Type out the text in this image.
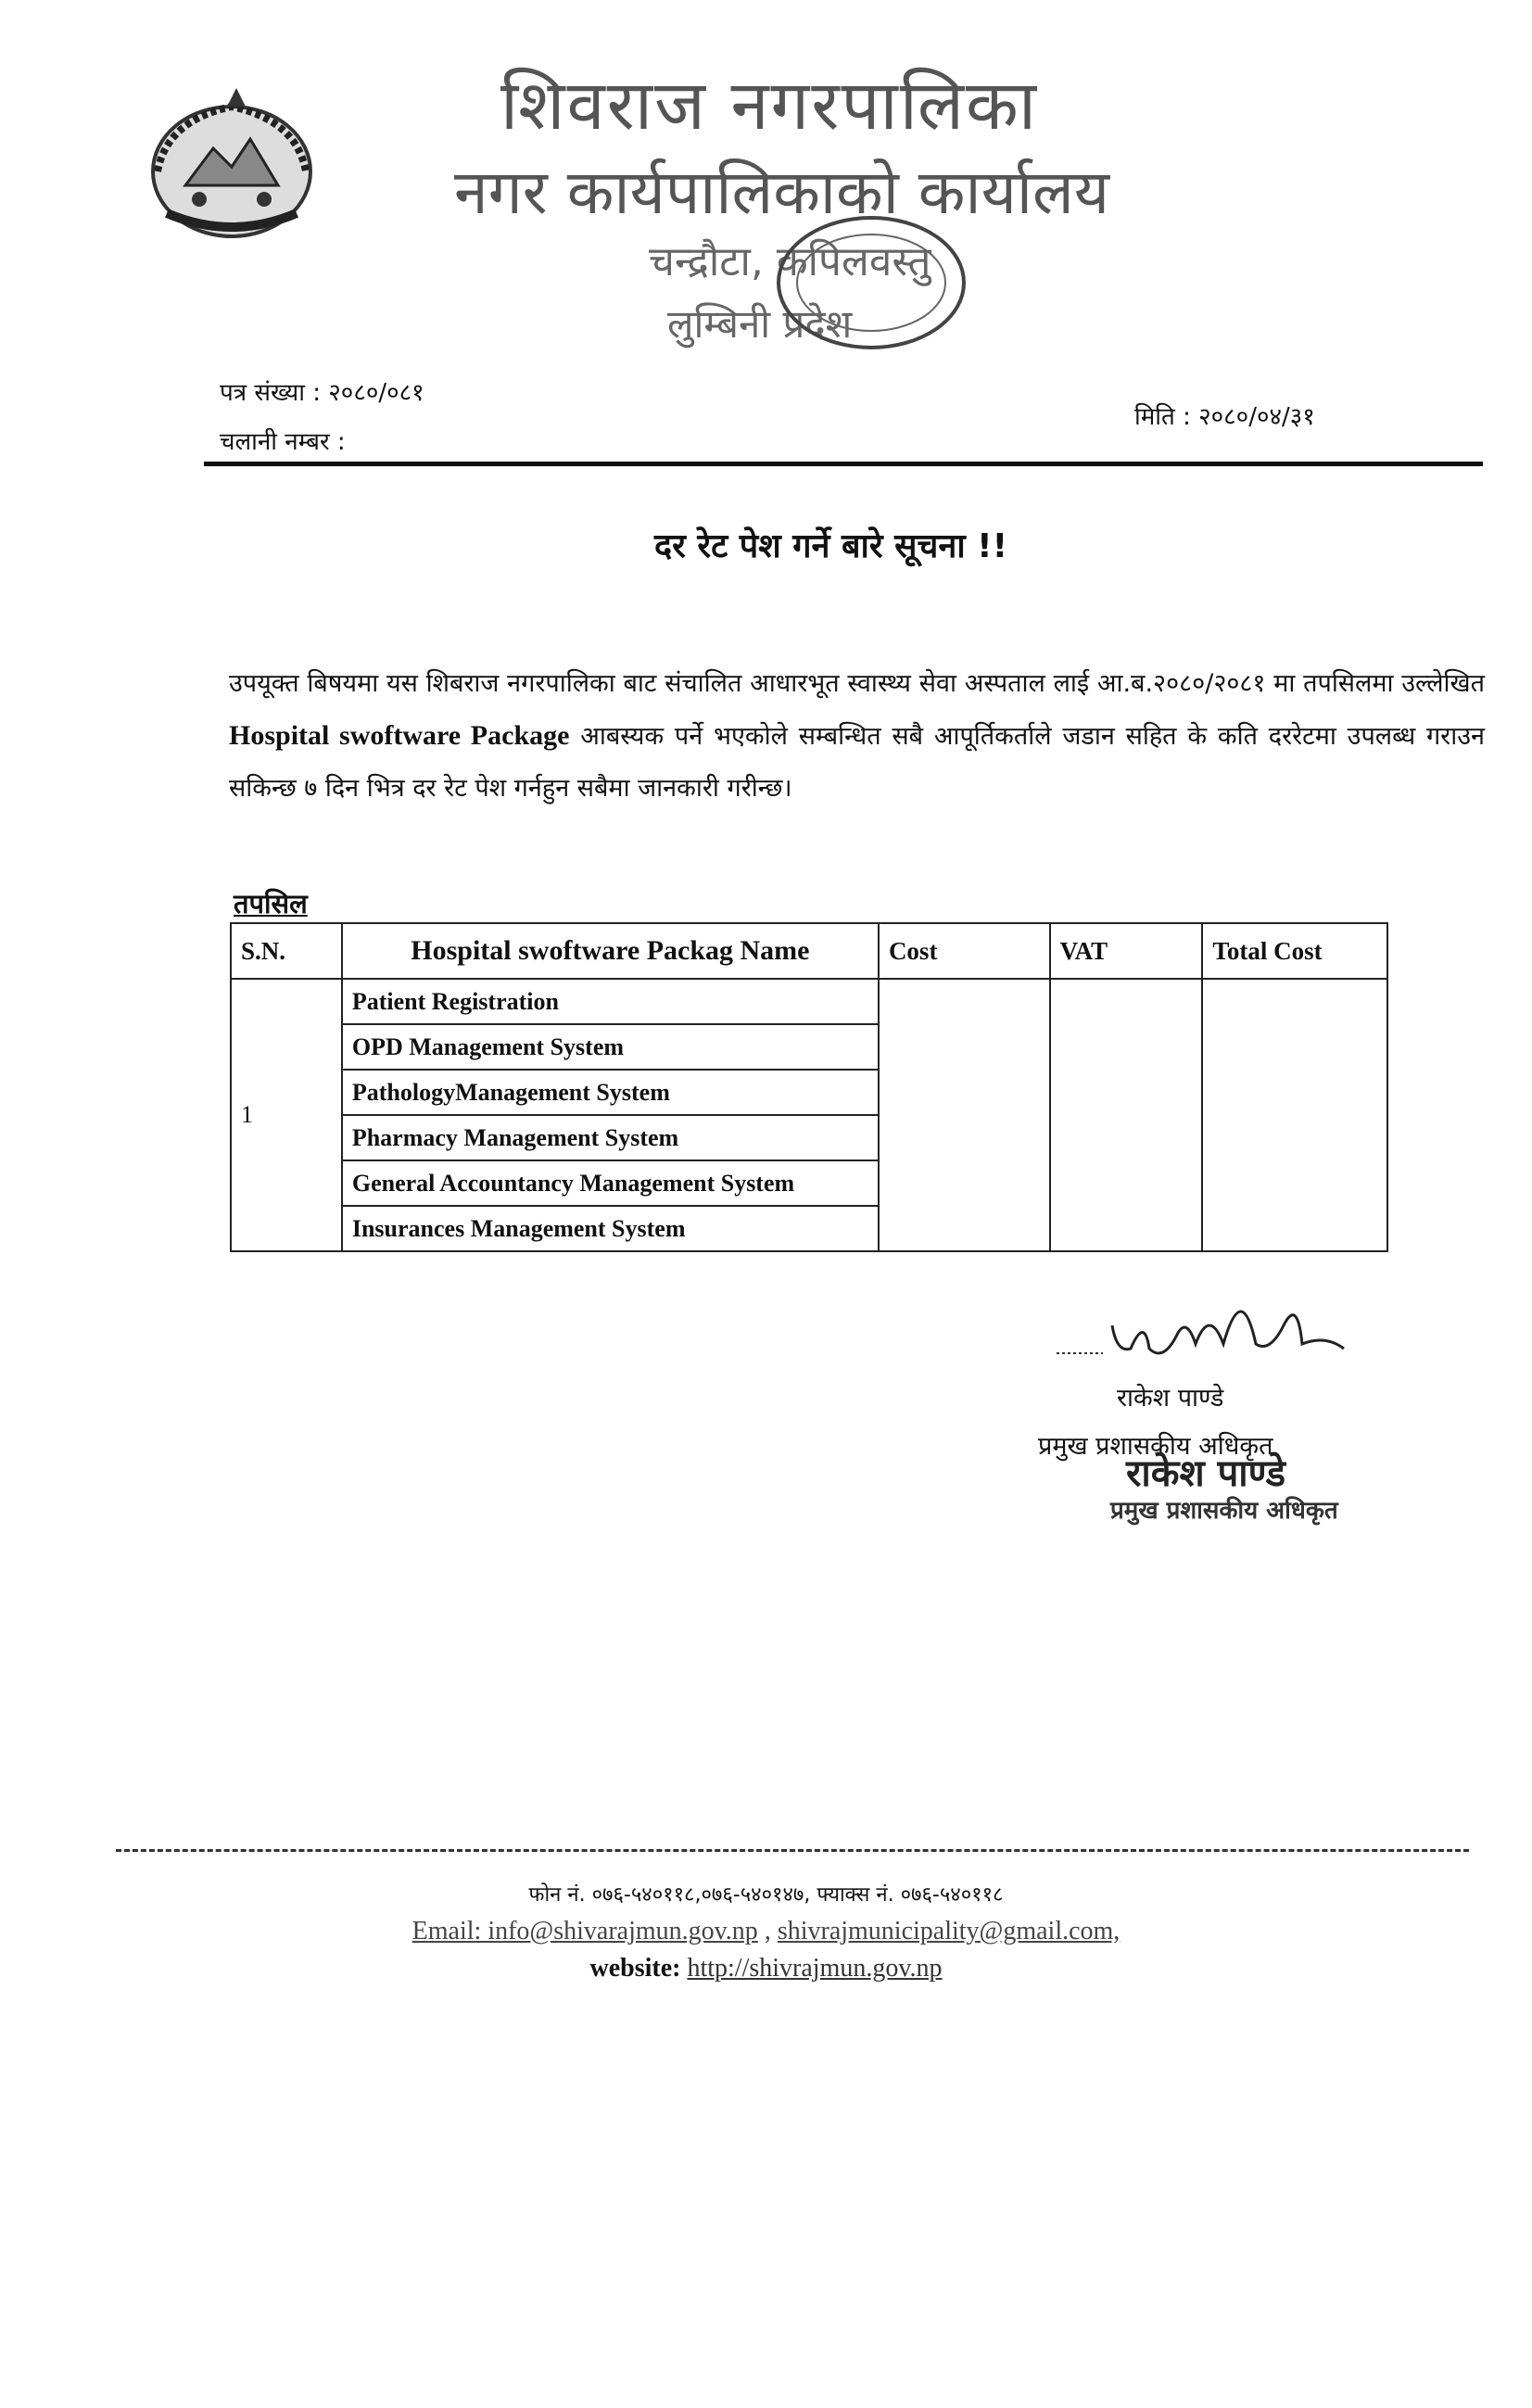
शिवराज नगरपालिका
नगर कार्यपालिकाको कार्यालय
चन्द्रौटा, कपिलवस्तु
लुम्बिनी प्रदेश
पत्र संख्या : २०८०/०८१
चलानी नम्बर :
मिति : २०८०/०४/३१
दर रेट पेश गर्ने बारे सूचना !!
उपयूक्त बिषयमा यस शिबराज नगरपालिका बाट संचालित आधारभूत स्वास्थ्य सेवा अस्पताल लाई आ.ब.२०८०/२०८१ मा तपसिलमा उल्लेखित Hospital swoftware Package आबस्यक पर्ने भएकोले सम्बन्धित सबै आपूर्तिकर्ताले जडान सहित के कति दररेटमा उपलब्ध गराउन सकिन्छ ७ दिन भित्र दर रेट पेश गर्नहुन सबैमा जानकारी गरीन्छ।
तपसिल
S.N.	Hospital swoftware Packag Name	Cost	VAT	Total Cost
1	Patient Registration			
	OPD Management System			
	PathologyManagement System			
	Pharmacy Management System			
	General Accountancy Management System			
	Insurances Management System			
राकेश पाण्डे
प्रमुख प्रशासकीय अधिकृत
राकेश पाण्डे
प्रमुख प्रशासकीय अधिकृत
फोन नं. ०७६-५४०११८,०७६-५४०१४७, फ्याक्स नं. ०७६-५४०११८
Email: info@shivarajmun.gov.np , shivrajmunicipality@gmail.com,
website: http://shivrajmun.gov.np
